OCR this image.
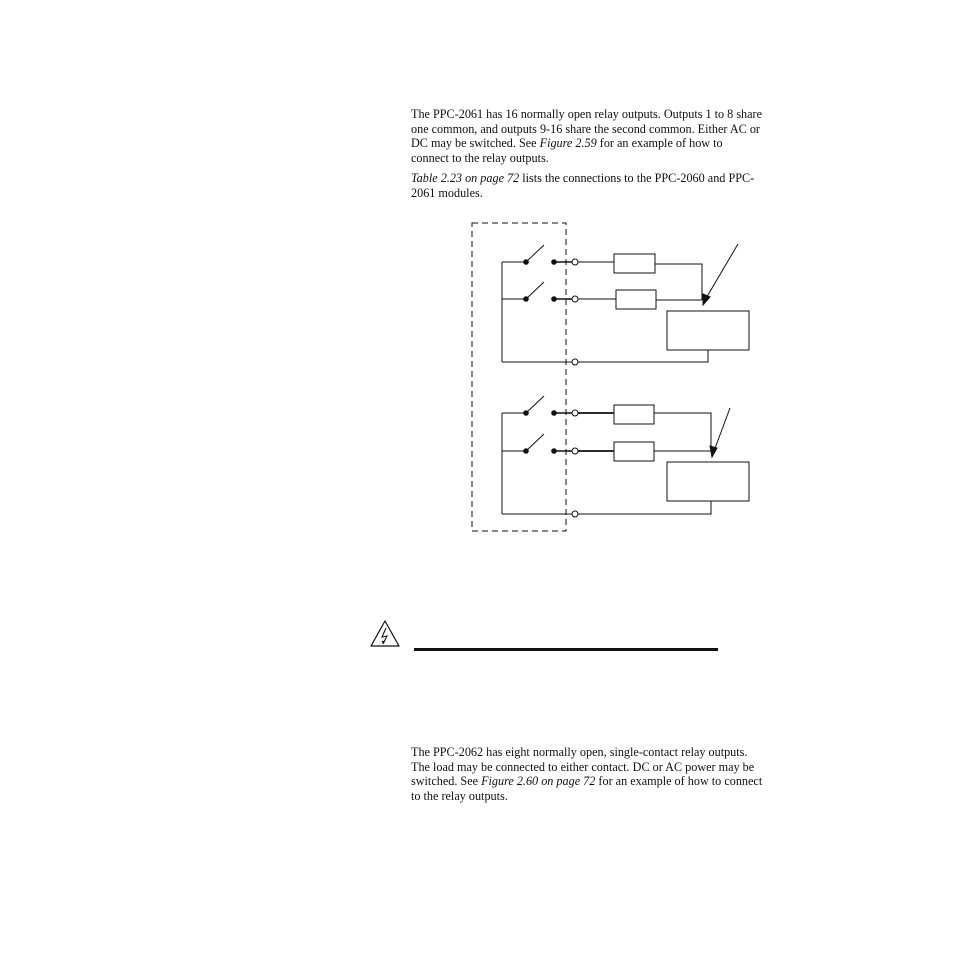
The PPC-2061 has 16 normally open relay outputs. Outputs 1 to 8 share one common, and outputs 9-16 share the second common. Either AC or DC may be switched. See Figure 2.59 for an example of how to connect to the relay outputs.

Table 2.23 on page 72 lists the connections to the PPC-2060 and PPC-2061 modules.

The PPC-2062 has eight normally open, single-contact relay outputs. The load may be connected to either contact. DC or AC power may be switched. See Figure 2.60 on page 72 for an example of how to connect to the relay outputs.
